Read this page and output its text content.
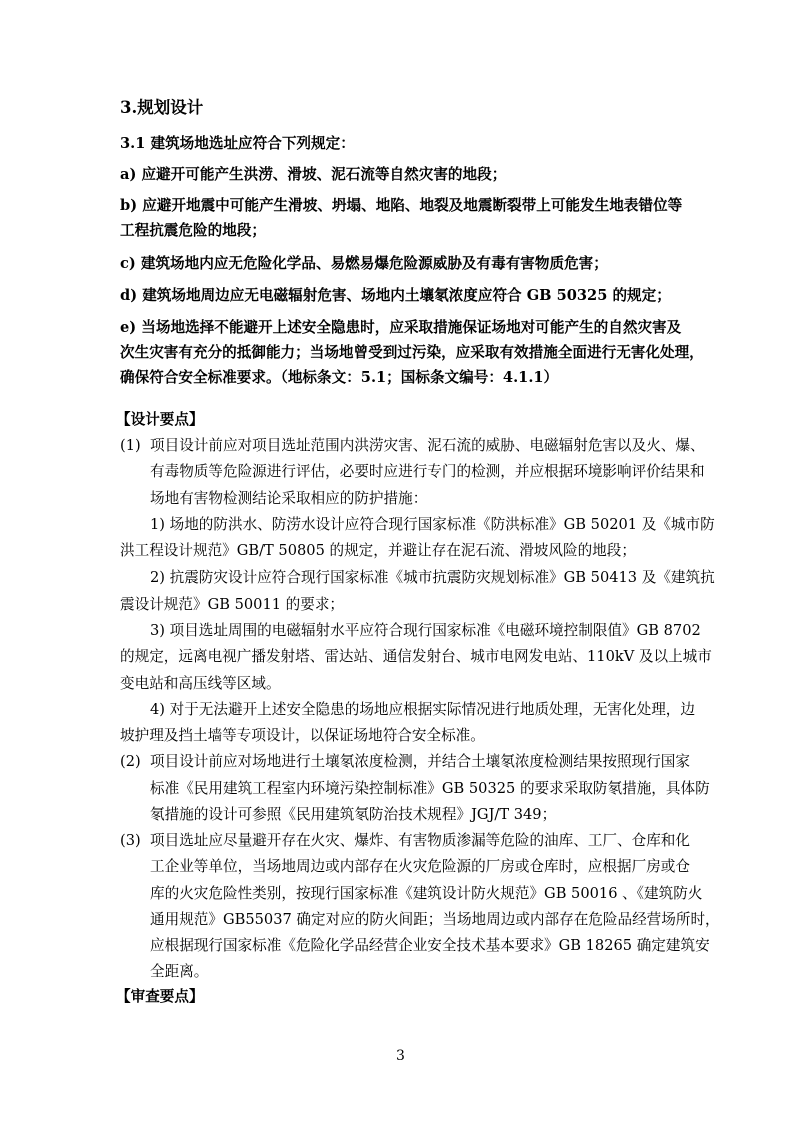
3.规划设计
3.1 建筑场地选址应符合下列规定：
a) 应避开可能产生洪涝、滑坡、泥石流等自然灾害的地段；
b) 应避开地震中可能产生滑坡、坍塌、地陷、地裂及地震断裂带上可能发生地表错位等
工程抗震危险的地段；
c) 建筑场地内应无危险化学品、易燃易爆危险源威胁及有毒有害物质危害；
d) 建筑场地周边应无电磁辐射危害、场地内土壤氡浓度应符合 GB 50325 的规定；
e) 当场地选择不能避开上述安全隐患时，应采取措施保证场地对可能产生的自然灾害及
次生灾害有充分的抵御能力；当场地曾受到过污染，应采取有效措施全面进行无害化处理，
确保符合安全标准要求。（地标条文：5.1；国标条文编号：4.1.1）
【设计要点】
(1) 项目设计前应对项目选址范围内洪涝灾害、泥石流的威胁、电磁辐射危害以及火、爆、
有毒物质等危险源进行评估，必要时应进行专门的检测，并应根据环境影响评价结果和
场地有害物检测结论采取相应的防护措施：
1) 场地的防洪水、防涝水设计应符合现行国家标准《防洪标准》GB 50201 及《城市防
洪工程设计规范》GB/T 50805 的规定，并避让存在泥石流、滑坡风险的地段；
2) 抗震防灾设计应符合现行国家标准《城市抗震防灾规划标准》GB 50413 及《建筑抗
震设计规范》GB 50011 的要求；
3) 项目选址周围的电磁辐射水平应符合现行国家标准《电磁环境控制限值》GB 8702
的规定，远离电视广播发射塔、雷达站、通信发射台、城市电网发电站、110kV 及以上城市
变电站和高压线等区域。
4) 对于无法避开上述安全隐患的场地应根据实际情况进行地质处理，无害化处理，边
坡护理及挡土墙等专项设计，以保证场地符合安全标准。
(2) 项目设计前应对场地进行土壤氡浓度检测，并结合土壤氡浓度检测结果按照现行国家
标准《民用建筑工程室内环境污染控制标准》GB 50325 的要求采取防氡措施，具体防
氡措施的设计可参照《民用建筑氡防治技术规程》JGJ/T 349；
(3) 项目选址应尽量避开存在火灾、爆炸、有害物质渗漏等危险的油库、工厂、仓库和化
工企业等单位，当场地周边或内部存在火灾危险源的厂房或仓库时，应根据厂房或仓
库的火灾危险性类别，按现行国家标准《建筑设计防火规范》GB 50016 、《建筑防火
通用规范》GB55037 确定对应的防火间距；当场地周边或内部存在危险品经营场所时，
应根据现行国家标准《危险化学品经营企业安全技术基本要求》GB 18265 确定建筑安
全距离。
【审查要点】
3
